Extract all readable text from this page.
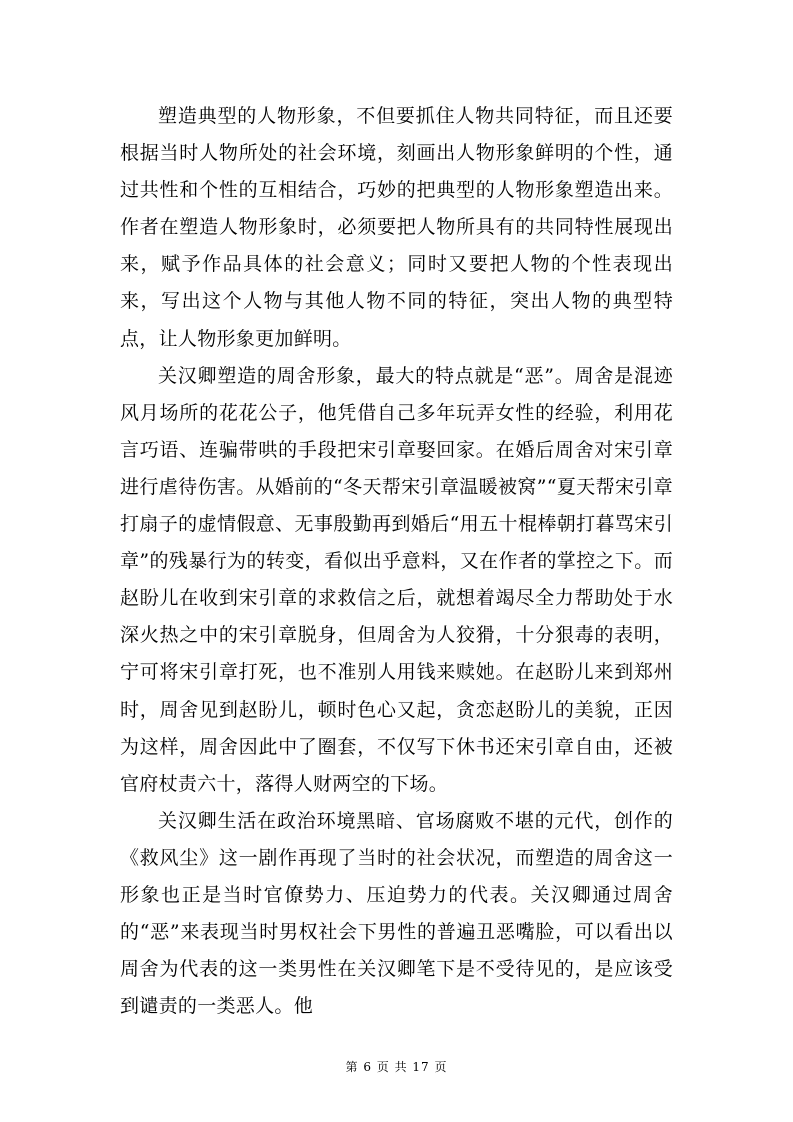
塑造典型的人物形象，不但要抓住人物共同特征，而且还要根据当时人物所处的社会环境，刻画出人物形象鲜明的个性，通过共性和个性的互相结合，巧妙的把典型的人物形象塑造出来。作者在塑造人物形象时，必须要把人物所具有的共同特性展现出来，赋予作品具体的社会意义；同时又要把人物的个性表现出来，写出这个人物与其他人物不同的特征，突出人物的典型特点，让人物形象更加鲜明。

关汉卿塑造的周舍形象，最大的特点就是“恶”。周舍是混迹风月场所的花花公子，他凭借自己多年玩弄女性的经验，利用花言巧语、连骗带哄的手段把宋引章娶回家。在婚后周舍对宋引章进行虐待伤害。从婚前的“冬天帮宋引章温暖被窝”“夏天帮宋引章打扇子的虚情假意、无事殷勤再到婚后“用五十棍棒朝打暮骂宋引章”的残暴行为的转变，看似出乎意料，又在作者的掌控之下。而赵盼儿在收到宋引章的求救信之后，就想着竭尽全力帮助处于水深火热之中的宋引章脱身，但周舍为人狡猾，十分狠毒的表明，宁可将宋引章打死，也不准别人用钱来赎她。在赵盼儿来到郑州时，周舍见到赵盼儿，顿时色心又起，贪恋赵盼儿的美貌，正因为这样，周舍因此中了圈套，不仅写下休书还宋引章自由，还被官府杖责六十，落得人财两空的下场。

关汉卿生活在政治环境黑暗、官场腐败不堪的元代，创作的《救风尘》这一剧作再现了当时的社会状况，而塑造的周舍这一形象也正是当时官僚势力、压迫势力的代表。关汉卿通过周舍的“恶”来表现当时男权社会下男性的普遍丑恶嘴脸，可以看出以周舍为代表的这一类男性在关汉卿笔下是不受待见的，是应该受到谴责的一类恶人。他

第 6 页 共 17 页
